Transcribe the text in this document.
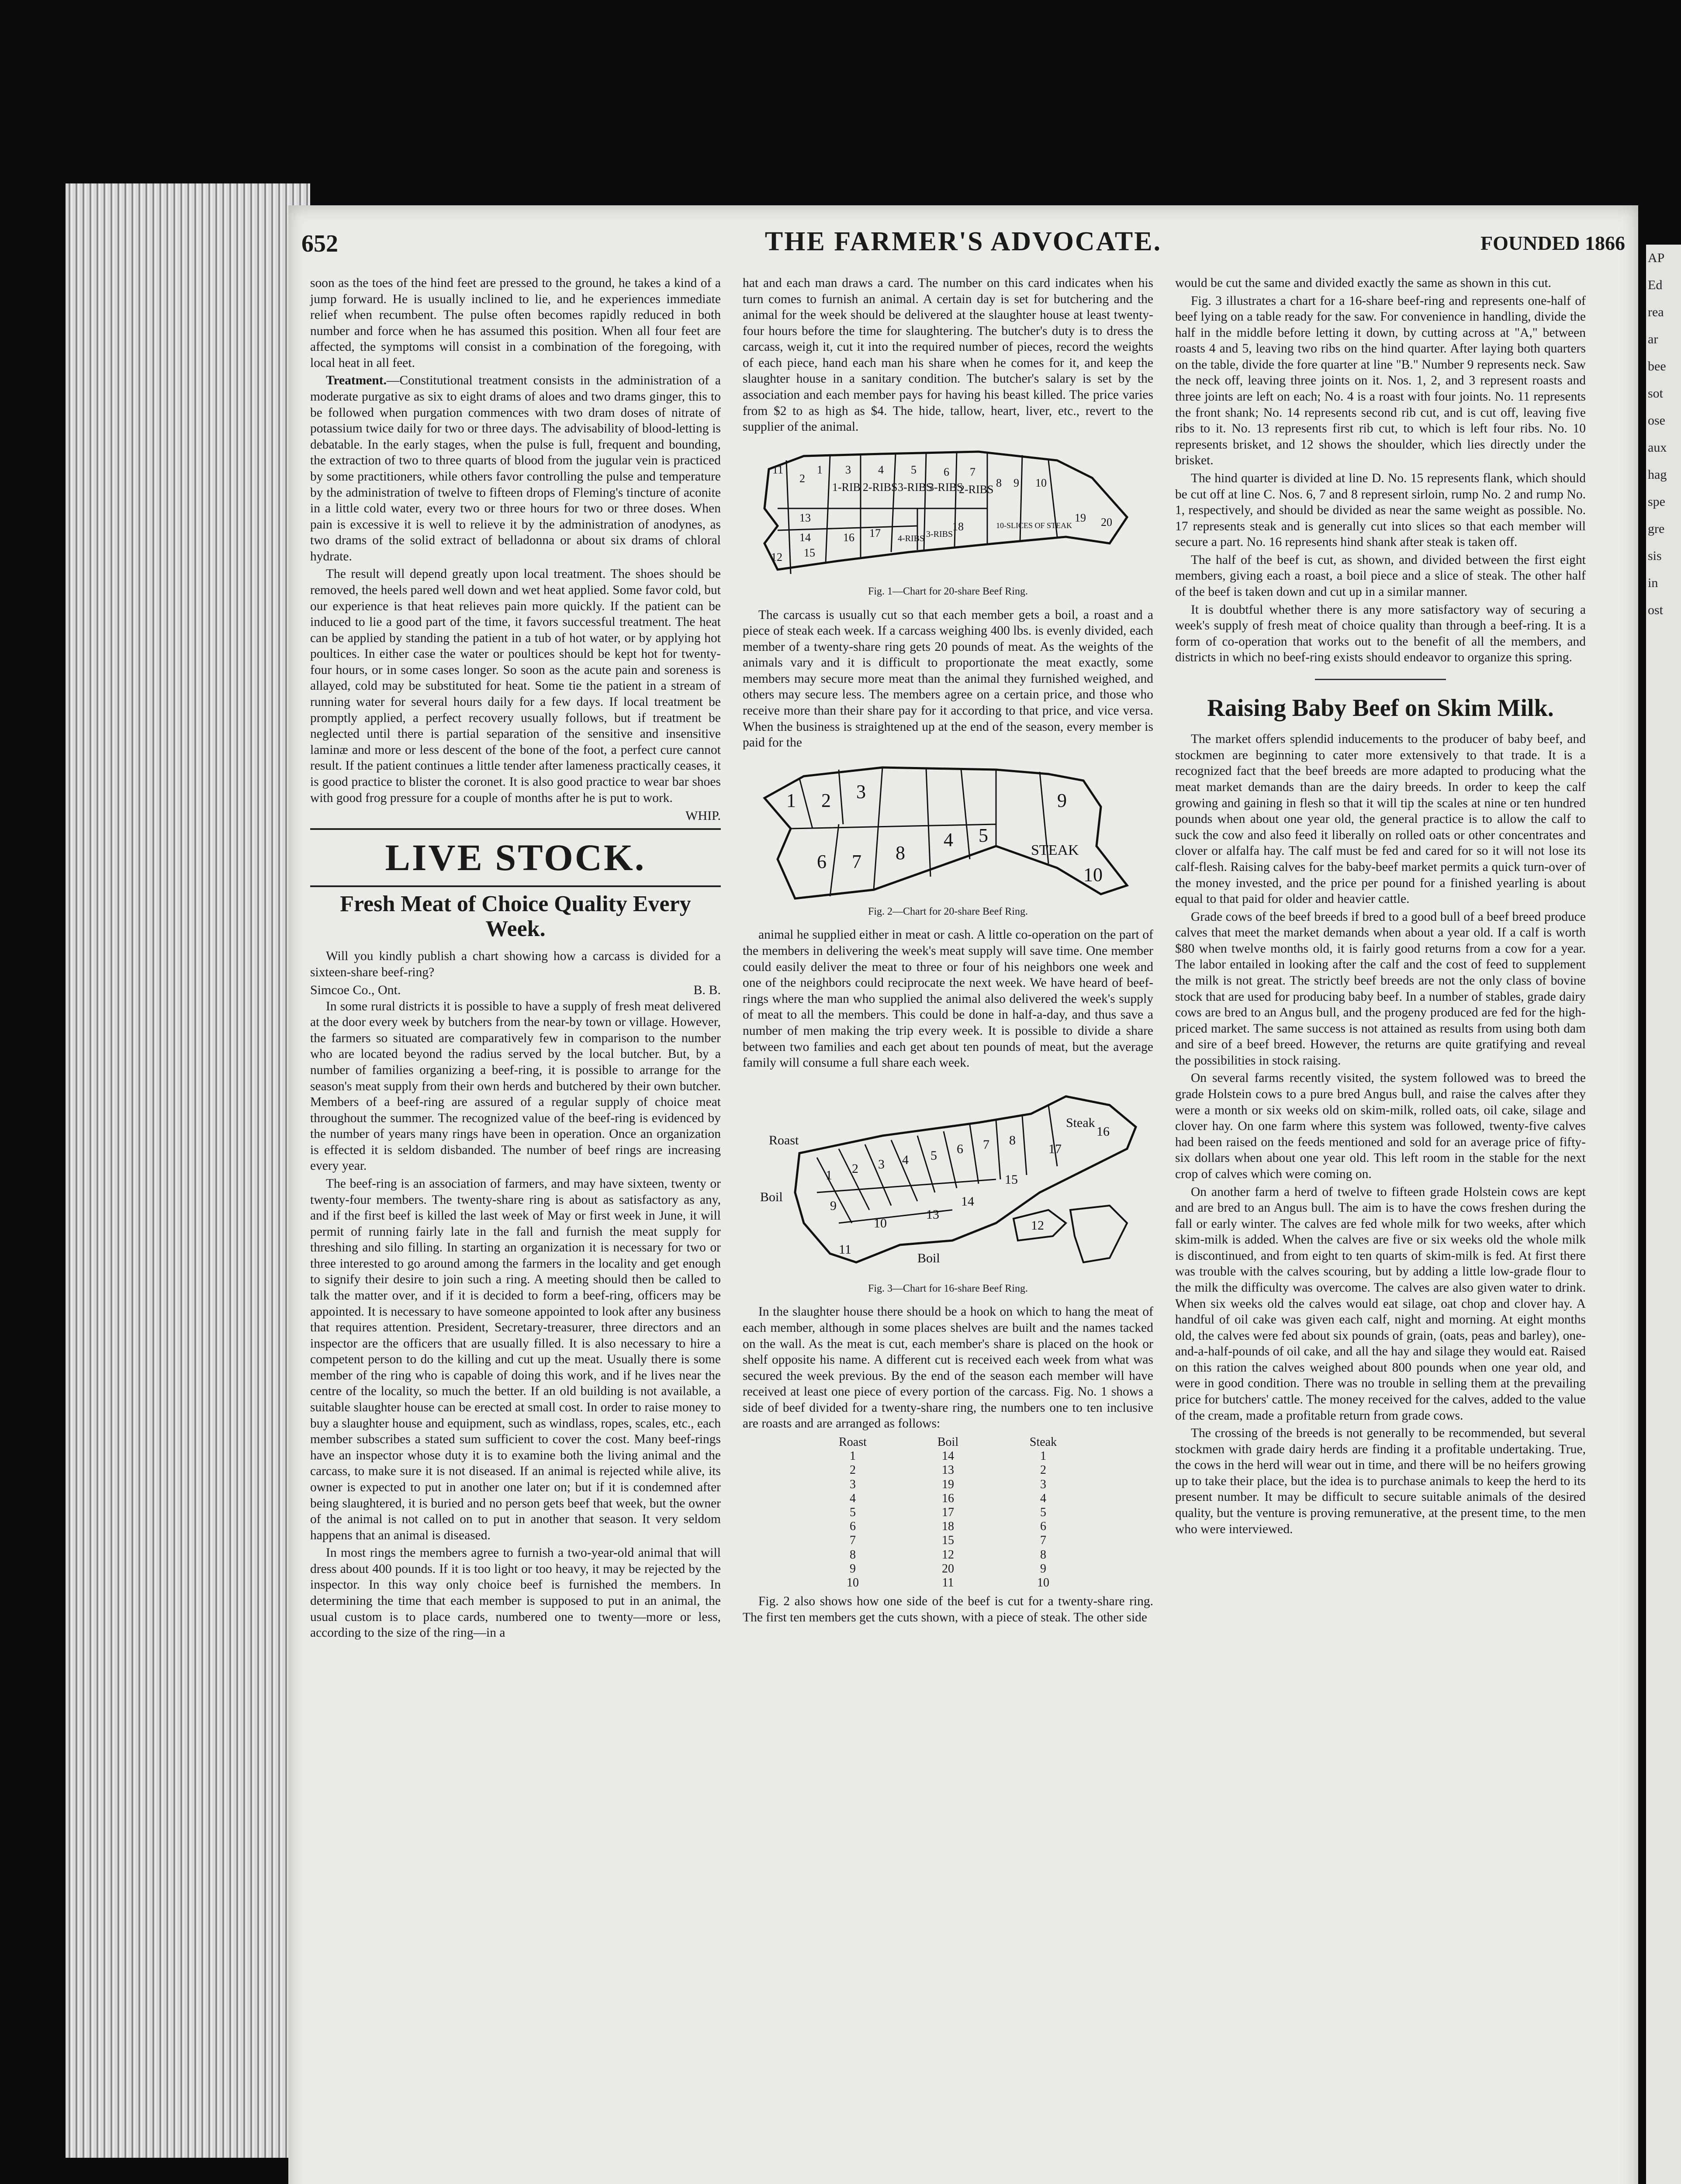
652	THE FARMER'S ADVOCATE.	FOUNDED 1866

soon as the toes of the hind feet are pressed to the ground, he takes a kind of a jump forward. He is usually inclined to lie, and he experiences immediate relief when recumbent. The pulse often becomes rapidly reduced in both number and force when he has assumed this position. When all four feet are affected, the symptoms will consist in a combination of the foregoing, with local heat in all feet.

Treatment.—Constitutional treatment consists in the administration of a moderate purgative as six to eight drams of aloes and two drams ginger, this to be followed when purgation commences with two dram doses of nitrate of potassium twice daily for two or three days. The advisability of blood-letting is debatable. In the early stages, when the pulse is full, frequent and bounding, the extraction of two to three quarts of blood from the jugular vein is practiced by some practitioners, while others favor controlling the pulse and temperature by the administration of twelve to fifteen drops of Fleming's tincture of aconite in a little cold water, every two or three hours for two or three doses. When pain is excessive it is well to relieve it by the administration of anodynes, as two drams of the solid extract of belladonna or about six drams of chloral hydrate.

The result will depend greatly upon local treatment. The shoes should be removed, the heels pared well down and wet heat applied. Some favor cold, but our experience is that heat relieves pain more quickly. If the patient can be induced to lie a good part of the time, it favors successful treatment. The heat can be applied by standing the patient in a tub of hot water, or by applying hot poultices. In either case the water or poultices should be kept hot for twenty-four hours, or in some cases longer. So soon as the acute pain and soreness is allayed, cold may be substituted for heat. Some tie the patient in a stream of running water for several hours daily for a few days. If local treatment be promptly applied, a perfect recovery usually follows, but if treatment be neglected until there is partial separation of the sensitive and insensitive laminæ and more or less descent of the bone of the foot, a perfect cure cannot result. If the patient continues a little tender after lameness practically ceases, it is good practice to blister the coronet. It is also good practice to wear bar shoes with good frog pressure for a couple of months after he is put to work.

WHIP.
LIVE STOCK.
Fresh Meat of Choice Quality Every Week.

Will you kindly publish a chart showing how a carcass is divided for a sixteen-share beef-ring?

Simcoe Co., Ont.	B. B.

In some rural districts it is possible to have a supply of fresh meat delivered at the door every week by butchers from the near-by town or village. However, the farmers so situated are comparatively few in comparison to the number who are located beyond the radius served by the local butcher. But, by a number of families organizing a beef-ring, it is possible to arrange for the season's meat supply from their own herds and butchered by their own butcher. Members of a beef-ring are assured of a regular supply of choice meat throughout the summer. The recognized value of the beef-ring is evidenced by the number of years many rings have been in operation. Once an organization is effected it is seldom disbanded. The number of beef rings are increasing every year.

The beef-ring is an association of farmers, and may have sixteen, twenty or twenty-four members. The twenty-share ring is about as satisfactory as any, and if the first beef is killed the last week of May or first week in June, it will permit of running fairly late in the fall and furnish the meat supply for threshing and silo filling. In starting an organization it is necessary for two or three interested to go around among the farmers in the locality and get enough to signify their desire to join such a ring. A meeting should then be called to talk the matter over, and if it is decided to form a beef-ring, officers may be appointed. It is necessary to have someone appointed to look after any business that requires attention. President, Secretary-treasurer, three directors and an inspector are the officers that are usually filled. It is also necessary to hire a competent person to do the killing and cut up the meat. Usually there is some member of the ring who is capable of doing this work, and if he lives near the centre of the locality, so much the better. If an old building is not available, a suitable slaughter house can be erected at small cost. In order to raise money to buy a slaughter house and equipment, such as windlass, ropes, scales, etc., each member subscribes a stated sum sufficient to cover the cost. Many beef-rings have an inspector whose duty it is to examine both the living animal and the carcass, to make sure it is not diseased. If an animal is rejected while alive, its owner is expected to put in another one later on; but if it is condemned after being slaughtered, it is buried and no person gets beef that week, but the owner of the animal is not called on to put in another that season. It very seldom happens that an animal is diseased.

In most rings the members agree to furnish a two-year-old animal that will dress about 400 pounds. If it is too light or too heavy, it may be rejected by the inspector. In this way only choice beef is furnished the members. In determining the time that each member is supposed to put in an animal, the usual custom is to place cards, numbered one to twenty—more or less, according to the size of the ring—in a

hat and each man draws a card. The number on this card indicates when his turn comes to furnish an animal. A certain day is set for butchering and the animal for the week should be delivered at the slaughter house at least twenty-four hours before the time for slaughtering. The butcher's duty is to dress the carcass, weigh it, cut it into the required number of pieces, record the weights of each piece, hand each man his share when he comes for it, and keep the slaughter house in a sanitary condition. The butcher's salary is set by the association and each member pays for having his beast killed. The price varies from $2 to as high as $4. The hide, tallow, heart, liver, etc., revert to the supplier of the animal.

11
2
1
1-RIB
3
2-RIBS
4
3-RIBS
5
3-RIBS
6 7
2-RIBS
8 9 10
13
14
15
16 17 4-RIBS 3-RIBS
18	10-SLICES OF STEAK
19 20
12
Fig. 1—Chart for 20-share Beef Ring.

The carcass is usually cut so that each member gets a boil, a roast and a piece of steak each week. If a carcass weighing 400 lbs. is evenly divided, each member of a twenty-share ring gets 20 pounds of meat. As the weights of the animals vary and it is difficult to proportionate the meat exactly, some members may secure more meat than the animal they furnished weighed, and others may secure less. The members agree on a certain price, and those who receive more than their share pay for it according to that price, and vice versa. When the business is straightened up at the end of the season, every member is paid for the

1 2 3
6 7 8
4 5
9
STEAK
10
Fig. 2—Chart for 20-share Beef Ring.

animal he supplied either in meat or cash. A little co-operation on the part of the members in delivering the week's meat supply will save time. One member could easily deliver the meat to three or four of his neighbors one week and one of the neighbors could reciprocate the next week. We have heard of beef-rings where the man who supplied the animal also delivered the week's supply of meat to all the members. This could be done in half-a-day, and thus save a number of men making the trip every week. It is possible to divide a share between two families and each get about ten pounds of meat, but the average family will consume a full share each week.

Roast
Boil
Boil
Steak
1 2 3 4 5 6 7 8
9
10
11
12
13
14
15
16
17
Fig. 3—Chart for 16-share Beef Ring.

In the slaughter house there should be a hook on which to hang the meat of each member, although in some places shelves are built and the names tacked on the wall. As the meat is cut, each member's share is placed on the hook or shelf opposite his name. A different cut is received each week from what was secured the week previous. By the end of the season each member will have received at least one piece of every portion of the carcass. Fig. No. 1 shows a side of beef divided for a twenty-share ring, the numbers one to ten inclusive are roasts and are arranged as follows:

Roast	Boil	Steak
1	14	1
2	13	2
3	19	3
4	16	4
5	17	5
6	18	6
7	15	7
8	12	8
9	20	9
10	11	10

Fig. 2 also shows how one side of the beef is cut for a twenty-share ring. The first ten members get the cuts shown, with a piece of steak. The other side

would be cut the same and divided exactly the same as shown in this cut.

Fig. 3 illustrates a chart for a 16-share beef-ring and represents one-half of beef lying on a table ready for the saw. For convenience in handling, divide the half in the middle before letting it down, by cutting across at "A," between roasts 4 and 5, leaving two ribs on the hind quarter. After laying both quarters on the table, divide the fore quarter at line "B." Number 9 represents neck. Saw the neck off, leaving three joints on it. Nos. 1, 2, and 3 represent roasts and three joints are left on each; No. 4 is a roast with four joints. No. 11 represents the front shank; No. 14 represents second rib cut, and is cut off, leaving five ribs to it. No. 13 represents first rib cut, to which is left four ribs. No. 10 represents brisket, and 12 shows the shoulder, which lies directly under the brisket.

The hind quarter is divided at line D. No. 15 represents flank, which should be cut off at line C. Nos. 6, 7 and 8 represent sirloin, rump No. 2 and rump No. 1, respectively, and should be divided as near the same weight as possible. No. 17 represents steak and is generally cut into slices so that each member will secure a part. No. 16 represents hind shank after steak is taken off.

The half of the beef is cut, as shown, and divided between the first eight members, giving each a roast, a boil piece and a slice of steak. The other half of the beef is taken down and cut up in a similar manner.

It is doubtful whether there is any more satisfactory way of securing a week's supply of fresh meat of choice quality than through a beef-ring. It is a form of co-operation that works out to the benefit of all the members, and districts in which no beef-ring exists should endeavor to organize this spring.

Raising Baby Beef on Skim Milk.

The market offers splendid inducements to the producer of baby beef, and stockmen are beginning to cater more extensively to that trade. It is a recognized fact that the beef breeds are more adapted to producing what the meat market demands than are the dairy breeds. In order to keep the calf growing and gaining in flesh so that it will tip the scales at nine or ten hundred pounds when about one year old, the general practice is to allow the calf to suck the cow and also feed it liberally on rolled oats or other concentrates and clover or alfalfa hay. The calf must be fed and cared for so it will not lose its calf-flesh. Raising calves for the baby-beef market permits a quick turn-over of the money invested, and the price per pound for a finished yearling is about equal to that paid for older and heavier cattle.

Grade cows of the beef breeds if bred to a good bull of a beef breed produce calves that meet the market demands when about a year old. If a calf is worth $80 when twelve months old, it is fairly good returns from a cow for a year. The labor entailed in looking after the calf and the cost of feed to supplement the milk is not great. The strictly beef breeds are not the only class of bovine stock that are used for producing baby beef. In a number of stables, grade dairy cows are bred to an Angus bull, and the progeny produced are fed for the high-priced market. The same success is not attained as results from using both dam and sire of a beef breed. However, the returns are quite gratifying and reveal the possibilities in stock raising.

On several farms recently visited, the system followed was to breed the grade Holstein cows to a pure bred Angus bull, and raise the calves after they were a month or six weeks old on skim-milk, rolled oats, oil cake, silage and clover hay. On one farm where this system was followed, twenty-five calves had been raised on the feeds mentioned and sold for an average price of fifty-six dollars when about one year old. This left room in the stable for the next crop of calves which were coming on.

On another farm a herd of twelve to fifteen grade Holstein cows are kept and are bred to an Angus bull. The aim is to have the cows freshen during the fall or early winter. The calves are fed whole milk for two weeks, after which skim-milk is added. When the calves are five or six weeks old the whole milk is discontinued, and from eight to ten quarts of skim-milk is fed. At first there was trouble with the calves scouring, but by adding a little low-grade flour to the milk the difficulty was overcome. The calves are also given water to drink. When six weeks old the calves would eat silage, oat chop and clover hay. A handful of oil cake was given each calf, night and morning. At eight months old, the calves were fed about six pounds of grain, (oats, peas and barley), one-and-a-half-pounds of oil cake, and all the hay and silage they would eat. Raised on this ration the calves weighed about 800 pounds when one year old, and were in good condition. There was no trouble in selling them at the prevailing price for butchers' cattle. The money received for the calves, added to the value of the cream, made a profitable return from grade cows.

The crossing of the breeds is not generally to be recommended, but several stockmen with grade dairy herds are finding it a profitable undertaking. True, the cows in the herd will wear out in time, and there will be no heifers growing up to take their place, but the idea is to purchase animals to keep the herd to its present number. It may be difficult to secure suitable animals of the desired quality, but the venture is proving remunerative, at the present time, to the men who were interviewed.

AP
Ed
rea
ar
bee
sot
ose
aux
hag
spe
gre
sis
in
ost
